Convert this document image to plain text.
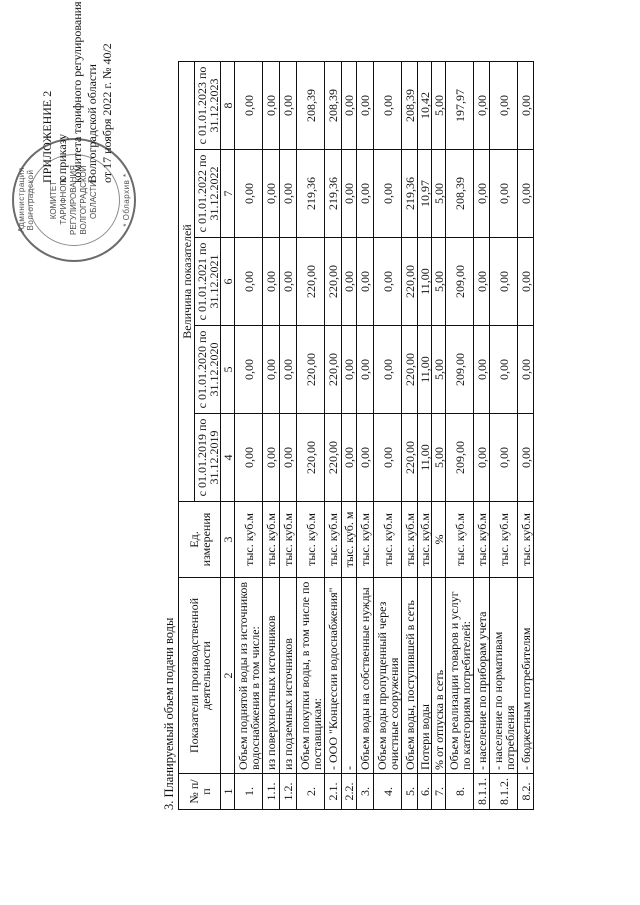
Администрация Волгоградской КОМИТЕТ ТАРИФНОГО РЕГУЛИРОВАНИЯ ВОЛГОГРАДСКОЙ ОБЛАСТИ	* Облархив *
ПРИЛОЖЕНИЕ 2 к приказу комитета тарифного регулирования Волгоградской области от 17 ноября 2022 г. № 40/2
3. Планируемый объем подачи воды № п/п	Показатели производственной деятельности	Ед. измерения	Величина показателей				
			с 01.01.2019 по 31.12.2019	с 01.01.2020 по 31.12.2020	с 01.01.2021 по 31.12.2021	с 01.01.2022 по 31.12.2022	с 01.01.2023 по 31.12.2023
1	2	3	4	5	6	7	8
1.	Объем поднятой воды из источников водоснабжения в том числе:	тыс. куб.м	0,00	0,00	0,00	0,00	0,00
1.1.	из поверхностных источников	тыс. куб.м	0,00	0,00	0,00	0,00	0,00
1.2.	из подземных источников	тыс. куб.м	0,00	0,00	0,00	0,00	0,00
2.	Объем покупки воды, в том числе по поставщикам:	тыс. куб.м	220,00	220,00	220,00	219,36	208,39
2.1.	- ООО "Концессии водоснабжения"	тыс. куб.м	220,00	220,00	220,00	219,36	208,39
2.2.	-	тыс. куб. м	0,00	0,00	0,00	0,00	0,00
3.	Объем воды на собственные нужды	тыс. куб.м	0,00	0,00	0,00	0,00	0,00
4.	Объем воды пропущенный через очистные сооружения	тыс. куб.м	0,00	0,00	0,00	0,00	0,00
5.	Объем воды, поступившей в сеть	тыс. куб.м	220,00	220,00	220,00	219,36	208,39
6.	Потери воды	тыс. куб.м	11,00	11,00	11,00	10,97	10,42
7.	% от отпуска в сеть	%	5,00	5,00	5,00	5,00	5,00
8.	Объем реализации товаров и услуг по категориям потребителей:	тыс. куб.м	209,00	209,00	209,00	208,39	197,97
8.1.1.	- население по приборам учета	тыс. куб.м	0,00	0,00	0,00	0,00	0,00
8.1.2.	- население по нормативам потребления	тыс. куб.м	0,00	0,00	0,00	0,00	0,00
8.2.	- бюджетным потребителям	тыс. куб.м	0,00	0,00	0,00	0,00	0,00
